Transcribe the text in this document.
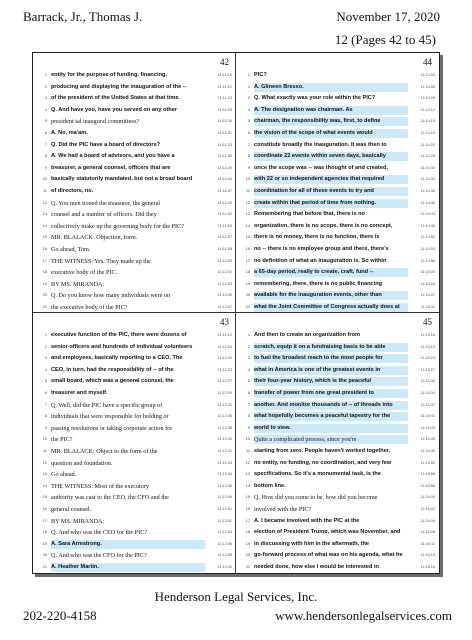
Barrack, Jr., Thomas J.	November 17, 2020
12 (Pages 42 to 45)
42
1 entity for the purpose of funding, financing,	11:11:19
2 producing and displaying the inauguration of the --	11:11:21
3 of the president of the United States at that time.	11:11:24
4 Q. And have you, have you served on any other	11:11:28
5 president ial inaugural committees?	11:11:30
6 A. No, ma'am.	11:11:31
7 Q. Did the PIC have a board of directors?	11:11:33
8 A. We had a board of advisors, and you have a	11:11:36
9 treasurer, a general counsel, officers that are	11:11:40
10 basically statutorily mandated, but not a broad board	11:11:44
11 of directors, no.	11:11:47
12 Q. You men tioned the treasurer, the general	11:11:49
13 counsel and a number of officers. Did they	11:11:52
14 collectively make up the governing body for the PIC?	11:11:55
15 MR. BLALACK: Objection, form.	11:11:57
16 Go ahead, Tom.	11:11:58
17 THE WITNESS: Yes. They made up the	11:12:00
18 executive body of the PIC.	11:12:02
19 BY MS. MIRANDA:	11:12:03
20 Q. Do you know how many individuals were on	11:12:05
21 the executive body of the PIC?	11:12:07
44
1 PIC?	11:14:03
2 A. Glineen Bresso.	11:14:06
3 Q. What exactly was your role within the PIC?	11:14:09
4 A. The designation was chairman. As	11:14:12
5 chairman, the responsibility was, first, to define	11:14:15
6 the vision of the scope of what events would	11:14:19
7 constitute broadly the inauguration. It was then to	11:14:22
8 coordinate 22 events within seven days, basically	11:14:26
9 once the scope was -- was thought of and created,	11:14:30
10 with 22 or so independent agencies that required	11:14:33
11 coordination for all of these events to try and	11:14:36
12 create within that period of time from nothing.	11:14:40
13 Remembering that before that, there is no	11:14:43
14 organization, there is no scope, there is no concept,	11:14:46
15 there is no money, there is no function, there is	11:14:50
16 no -- there is no employee group and there, there's	11:14:53
17 no definition of what an inauguration is. So within	11:14:56
18 a 65-day period, really to create, craft, fund --	11:15:00
19 remembering, there, there is no public financing	11:15:04
20 available for the inauguration events, other than	11:15:07
21 what the Joint Committee of Congress actually does at	11:15:11
43
1 executive function of the PIC, there were dozens of	11:12:12
2 senior officers and hundreds of individual volunteers	11:12:16
3 and employees, basically reporting to a CEO. The	11:12:20
4 CEO, in turn, had the responsibility of -- of the	11:12:23
5 small board, which was a general counsel, the	11:12:27
6 treasurer and myself.	11:12:29
7 Q. Well, did the PIC have a specific group of	11:12:32
8 individuals that were responsible for holding or	11:12:35
9 passing resolutions or taking corporate action for	11:12:38
10 the PIC?	11:12:40
11 MR. BLALACK: Object to the form of the	11:12:41
12 question and foundation.	11:12:43
13 Go ahead.	11:12:44
14 THE WITNESS: Most of the executory	11:12:46
15 authority was cast to the CEO, the CFO and the	11:12:49
16 general counsel.	11:12:51
17 BY MS. MIRANDA:	11:12:52
18 Q. And who was the CEO for the PIC?	11:12:54
19 A. Sara Armstrong.	11:12:56
20 Q. And who was the CFO for the PIC?	11:12:58
21 A. Heather Martin.	11:13:00
45
1 And then to create an organization from	11:15:16
2 scratch, equip it on a fundraising basis to be able	11:15:19
3 to fuel the broadest reach to the most people for	11:15:23
4 what in America is one of the greatest events in	11:15:27
5 their four-year history, which is the peaceful	11:15:30
6 transfer of power from one great president to	11:15:34
7 another. And monitor thousands of -- of threads into	11:15:37
8 what hopefully becomes a peaceful tapestry for the	11:15:41
9 world to view.	11:15:43
10 Quite a complicated process, since you're	11:15:45
11 starting from zero. People haven't worked together,	11:15:49
12 no entity, no funding, no coordination, and very few	11:15:52
13 specifications. So it's a monumental task, is the	11:15:56
14 bottom line.	11:15:58
15 Q. How did you come to be, how did you become	11:16:00
16 involved with the PIC?	11:16:02
17 A. I became involved with the PIC at the	11:16:04
18 election of President Trump, which was November, and	11:16:08
19 in discussing with him in the aftermath, the	11:16:11
20 go-forward process of what was on his agenda, what he	11:16:15
21 needed done, how else I would be interested in	11:16:18
Henderson Legal Services, Inc.
202-220-4158	www.hendersonlegalservices.com
